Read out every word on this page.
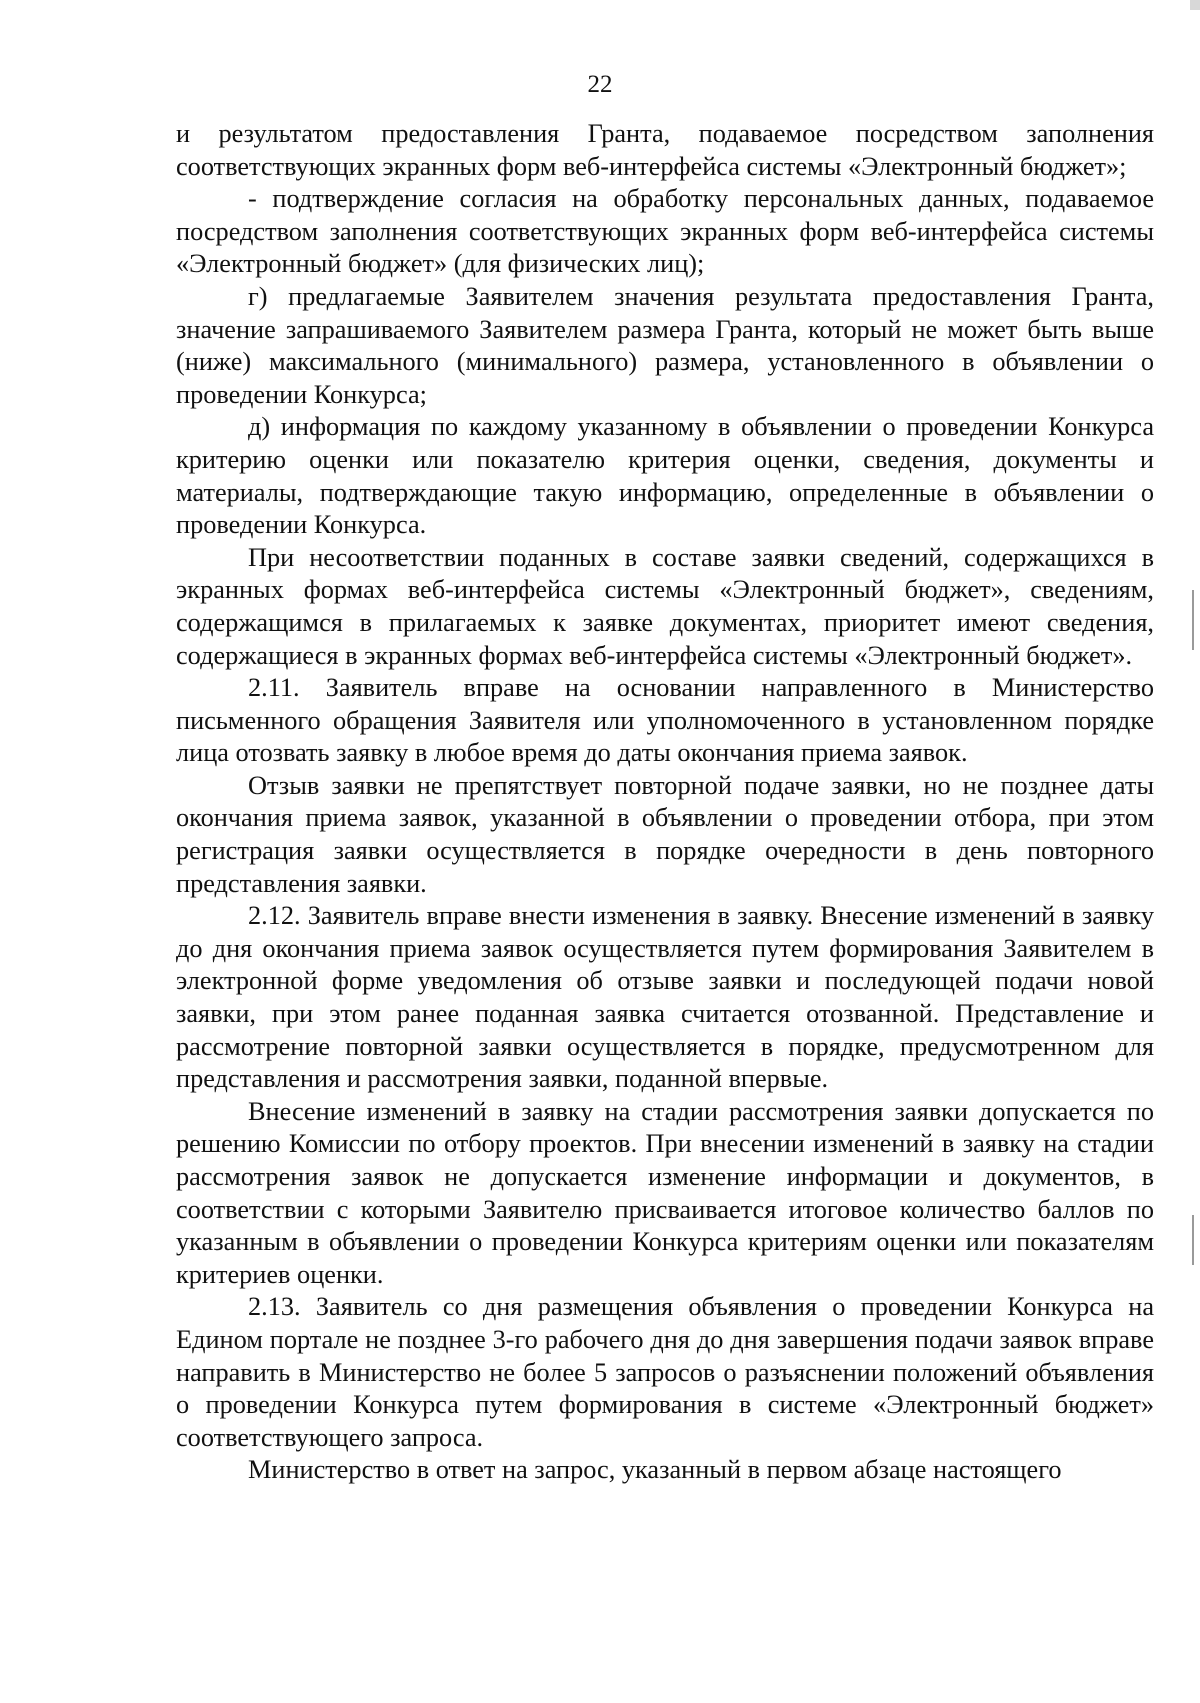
22

и результатом предоставления Гранта, подаваемое посредством заполнения соответствующих экранных форм веб-интерфейса системы «Электронный бюджет»;

- подтверждение согласия на обработку персональных данных, подаваемое посредством заполнения соответствующих экранных форм веб-интерфейса системы «Электронный бюджет» (для физических лиц);

г) предлагаемые Заявителем значения результата предоставления Гранта, значение запрашиваемого Заявителем размера Гранта, который не может быть выше (ниже) максимального (минимального) размера, установленного в объявлении о проведении Конкурса;

д) информация по каждому указанному в объявлении о проведении Конкурса критерию оценки или показателю критерия оценки, сведения, документы и материалы, подтверждающие такую информацию, определенные в объявлении о проведении Конкурса.

При несоответствии поданных в составе заявки сведений, содержащихся в экранных формах веб-интерфейса системы «Электронный бюджет», сведениям, содержащимся в прилагаемых к заявке документах, приоритет имеют сведения, содержащиеся в экранных формах веб-интерфейса системы «Электронный бюджет».

2.11. Заявитель вправе на основании направленного в Министерство письменного обращения Заявителя или уполномоченного в установленном порядке лица отозвать заявку в любое время до даты окончания приема заявок.

Отзыв заявки не препятствует повторной подаче заявки, но не позднее даты окончания приема заявок, указанной в объявлении о проведении отбора, при этом регистрация заявки осуществляется в порядке очередности в день повторного представления заявки.

2.12. Заявитель вправе внести изменения в заявку. Внесение изменений в заявку до дня окончания приема заявок осуществляется путем формирования Заявителем в электронной форме уведомления об отзыве заявки и последующей подачи новой заявки, при этом ранее поданная заявка считается отозванной. Представление и рассмотрение повторной заявки осуществляется в порядке, предусмотренном для представления и рассмотрения заявки, поданной впервые.

Внесение изменений в заявку на стадии рассмотрения заявки допускается по решению Комиссии по отбору проектов. При внесении изменений в заявку на стадии рассмотрения заявок не допускается изменение информации и документов, в соответствии с которыми Заявителю присваивается итоговое количество баллов по указанным в объявлении о проведении Конкурса критериям оценки или показателям критериев оценки.

2.13. Заявитель со дня размещения объявления о проведении Конкурса на Едином портале не позднее 3-го рабочего дня до дня завершения подачи заявок вправе направить в Министерство не более 5 запросов о разъяснении положений объявления о проведении Конкурса путем формирования в системе «Электронный бюджет» соответствующего запроса.

Министерство в ответ на запрос, указанный в первом абзаце настоящего
